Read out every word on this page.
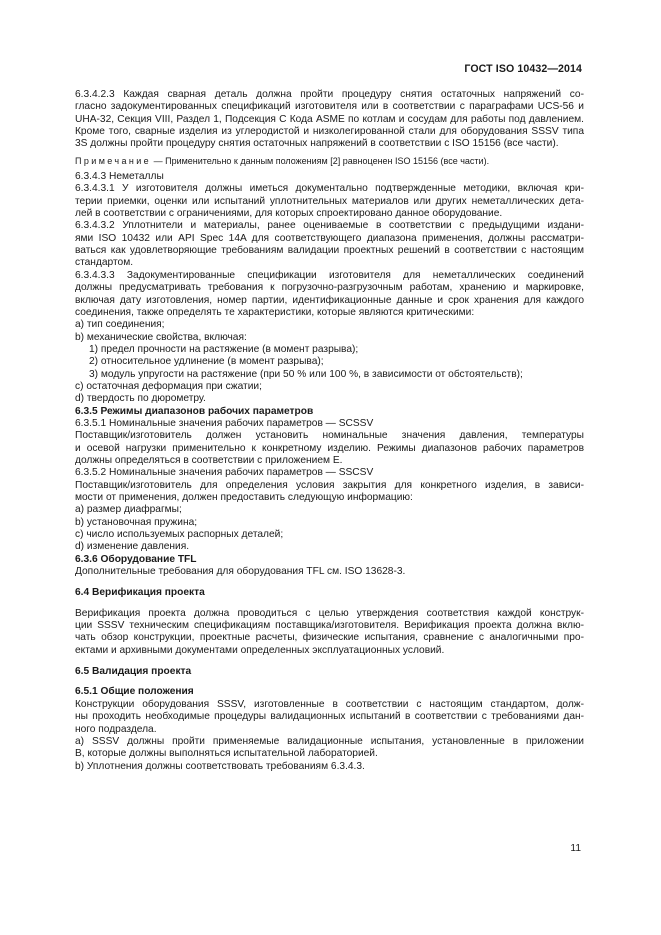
ГОСТ ISO 10432—2014

6.3.4.2.3 Каждая сварная деталь должна пройти процедуру снятия остаточных напряжений со-

гласно задокументированных спецификаций изготовителя или в соответствии с параграфами UCS-56 и UHA-32, Секция VIII, Раздел 1, Подсекция С Кода ASME по котлам и сосудам для работы под давлением. Кроме того, сварные изделия из углеродистой и низколегированной стали для оборудования SSSV типа 3S должны пройти процедуру снятия остаточных напряжений в соответствии с ISO 15156 (все части).

Примечание — Применительно к данным положениям [2] равноценен ISO 15156 (все части).

6.3.4.3 Неметаллы

6.3.4.3.1 У изготовителя должны иметься документально подтвержденные методики, включая кри-

терии приемки, оценки или испытаний уплотнительных материалов или других неметаллических дета- лей в соответствии с ограничениями, для которых спроектировано данное оборудование.

6.3.4.3.2 Уплотнители и материалы, ранее оцениваемые в соответствии с предыдущими издани-

ями ISO 10432 или API Spec 14A для соответствующего диапазона применения, должны рассматри- ваться как удовлетворяющие требованиям валидации проектных решений в соответствии с настоящим стандартом.

6.3.4.3.3 Задокументированные спецификации изготовителя для неметаллических соединений

должны предусматривать требования к погрузочно-разгрузочным работам, хранению и маркировке, включая дату изготовления, номер партии, идентификационные данные и срок хранения для каждого соединения, также определять те характеристики, которые являются критическими:

a) тип соединения;

b) механические свойства, включая:

1) предел прочности на растяжение (в момент разрыва);

2) относительное удлинение (в момент разрыва);

3) модуль упругости на растяжение (при 50 % или 100 %, в зависимости от обстоятельств);

c) остаточная деформация при сжатии;

d) твердость по дюрометру.

6.3.5 Режимы диапазонов рабочих параметров

6.3.5.1 Номинальные значения рабочих параметров — SCSSV

Поставщик/изготовитель должен установить номинальные значения давления, температуры

и осевой нагрузки применительно к конкретному изделию. Режимы диапазонов рабочих параметров должны определяться в соответствии с приложением Е.

6.3.5.2 Номинальные значения рабочих параметров — SSCSV

Поставщик/изготовитель для определения условия закрытия для конкретного изделия, в зависи-

мости от применения, должен предоставить следующую информацию:

a) размер диафрагмы;

b) установочная пружина;

c) число используемых распорных деталей;

d) изменение давления.

6.3.6 Оборудование TFL

Дополнительные требования для оборудования TFL см. ISO 13628-3.

6.4 Верификация проекта

Верификация проекта должна проводиться с целью утверждения соответствия каждой конструк-

ции SSSV техническим спецификациям поставщика/изготовителя. Верификация проекта должна вклю- чать обзор конструкции, проектные расчеты, физические испытания, сравнение с аналогичными про- ектами и архивными документами определенных эксплуатационных условий.

6.5 Валидация проекта

6.5.1 Общие положения

Конструкции оборудования SSSV, изготовленные в соответствии с настоящим стандартом, долж-

ны проходить необходимые процедуры валидационных испытаний в соответствии с требованиями дан- ного подраздела.

a) SSSV должны пройти применяемые валидационные испытания, установленные в приложении

В, которые должны выполняться испытательной лабораторией.

b) Уплотнения должны соответствовать требованиям 6.3.4.3.

11
